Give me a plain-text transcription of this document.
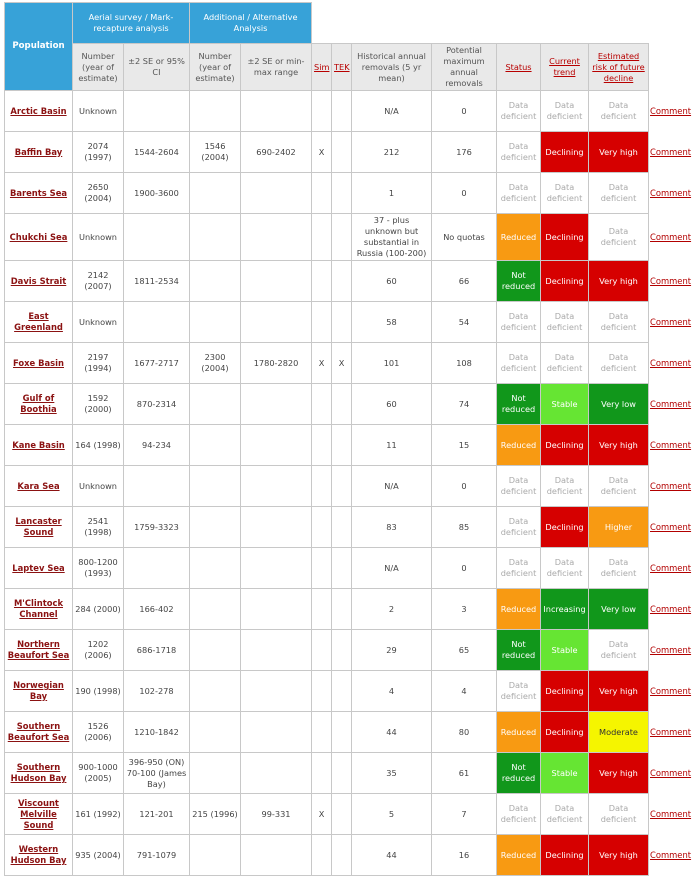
Population	Aerial survey / Mark-recapture analysis		Additional / Alternative Analysis									
	Number (year of estimate)	±2 SE or 95% CI	Number (year of estimate)	±2 SE or min-max range	Sim	TEK	Historical annual removals (5 yr mean)	Potential maximum annual removals	Status	Current trend	Estimated risk of future decline	
Arctic Basin	Unknown						N/A	0	Data deficient	Data deficient	Data deficient	Comment
Baffin Bay	2074 (1997)	1544-2604	1546 (2004)	690-2402	X		212	176	Data deficient	Declining	Very high	Comment
Barents Sea	2650 (2004)	1900-3600					1	0	Data deficient	Data deficient	Data deficient	Comment
Chukchi Sea	Unknown						37 - plus unknown but substantial in Russia (100-200)	No quotas	Reduced	Declining	Data deficient	Comment
Davis Strait	2142 (2007)	1811-2534					60	66	Not reduced	Declining	Very high	Comment
East Greenland	Unknown						58	54	Data deficient	Data deficient	Data deficient	Comment
Foxe Basin	2197 (1994)	1677-2717	2300 (2004)	1780-2820	X	X	101	108	Data deficient	Data deficient	Data deficient	Comment
Gulf of Boothia	1592 (2000)	870-2314					60	74	Not reduced	Stable	Very low	Comment
Kane Basin	164 (1998)	94-234					11	15	Reduced	Declining	Very high	Comment
Kara Sea	Unknown						N/A	0	Data deficient	Data deficient	Data deficient	Comment
Lancaster Sound	2541 (1998)	1759-3323					83	85	Data deficient	Declining	Higher	Comment
Laptev Sea	800-1200 (1993)						N/A	0	Data deficient	Data deficient	Data deficient	Comment
M'Clintock Channel	284 (2000)	166-402					2	3	Reduced	Increasing	Very low	Comment
Northern Beaufort Sea	1202 (2006)	686-1718					29	65	Not reduced	Stable	Data deficient	Comment
Norwegian Bay	190 (1998)	102-278					4	4	Data deficient	Declining	Very high	Comment
Southern Beaufort Sea	1526 (2006)	1210-1842					44	80	Reduced	Declining	Moderate	Comment
Southern Hudson Bay	900-1000 (2005)	396-950 (ON) 70-100 (James Bay)					35	61	Not reduced	Stable	Very high	Comment
Viscount Melville Sound	161 (1992)	121-201	215 (1996)	99-331	X		5	7	Data deficient	Data deficient	Data deficient	Comment
Western Hudson Bay	935 (2004)	791-1079					44	16	Reduced	Declining	Very high	Comment
